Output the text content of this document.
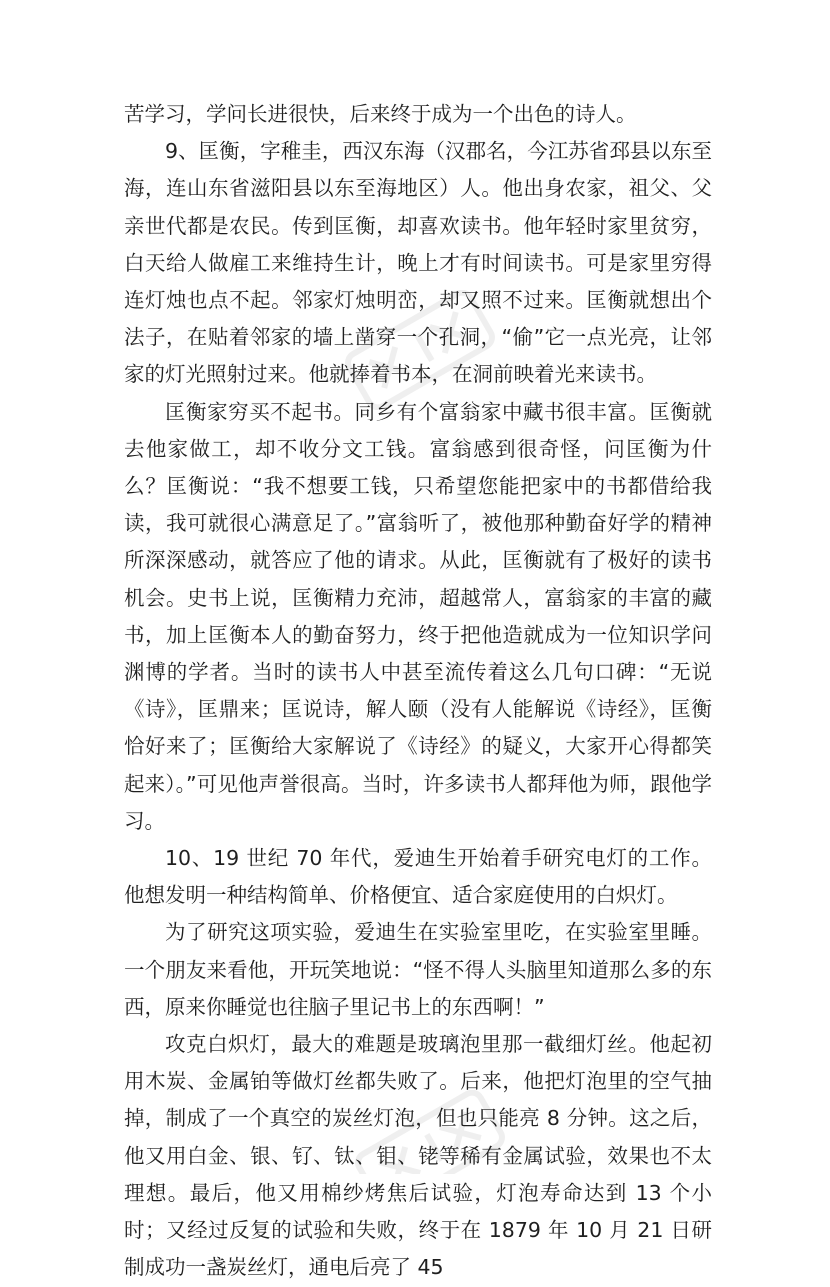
苦学习，学问长进很快，后来终于成为一个出色的诗人。

9、匡衡，字稚圭，西汉东海（汉郡名，今江苏省邳县以东至海，连山东省滋阳县以东至海地区）人。他出身农家，祖父、父亲世代都是农民。传到匡衡，却喜欢读书。他年轻时家里贫穷，白天给人做雇工来维持生计，晚上才有时间读书。可是家里穷得连灯烛也点不起。邻家灯烛明峦，却又照不过来。匡衡就想出个法子，在贴着邻家的墙上凿穿一个孔洞，“偷”它一点光亮，让邻家的灯光照射过来。他就捧着书本，在洞前映着光来读书。

匡衡家穷买不起书。同乡有个富翁家中藏书很丰富。匡衡就去他家做工，却不收分文工钱。富翁感到很奇怪，问匡衡为什么？匡衡说：“我不想要工钱，只希望您能把家中的书都借给我读，我可就很心满意足了。”富翁听了，被他那种勤奋好学的精神所深深感动，就答应了他的请求。从此，匡衡就有了极好的读书机会。史书上说，匡衡精力充沛，超越常人，富翁家的丰富的藏书，加上匡衡本人的勤奋努力，终于把他造就成为一位知识学问渊博的学者。当时的读书人中甚至流传着这么几句口碑：“无说《诗》，匡鼎来；匡说诗，解人颐（没有人能解说《诗经》，匡衡恰好来了；匡衡给大家解说了《诗经》的疑义，大家开心得都笑起来）。”可见他声誉很高。当时，许多读书人都拜他为师，跟他学习。

10、19 世纪 70 年代，爱迪生开始着手研究电灯的工作。他想发明一种结构简单、价格便宜、适合家庭使用的白炽灯。

为了研究这项实验，爱迪生在实验室里吃，在实验室里睡。一个朋友来看他，开玩笑地说：“怪不得人头脑里知道那么多的东西，原来你睡觉也往脑子里记书上的东西啊！”

攻克白炽灯，最大的难题是玻璃泡里那一截细灯丝。他起初用木炭、金属铂等做灯丝都失败了。后来，他把灯泡里的空气抽掉，制成了一个真空的炭丝灯泡，但也只能亮 8 分钟。这之后，他又用白金、银、钌、钛、钼、铑等稀有金属试验，效果也不太理想。最后，他又用棉纱烤焦后试验，灯泡寿命达到 13 个小时；又经过反复的试验和失败，终于在 1879 年 10 月 21 日研制成功一盏炭丝灯，通电后亮了 45
